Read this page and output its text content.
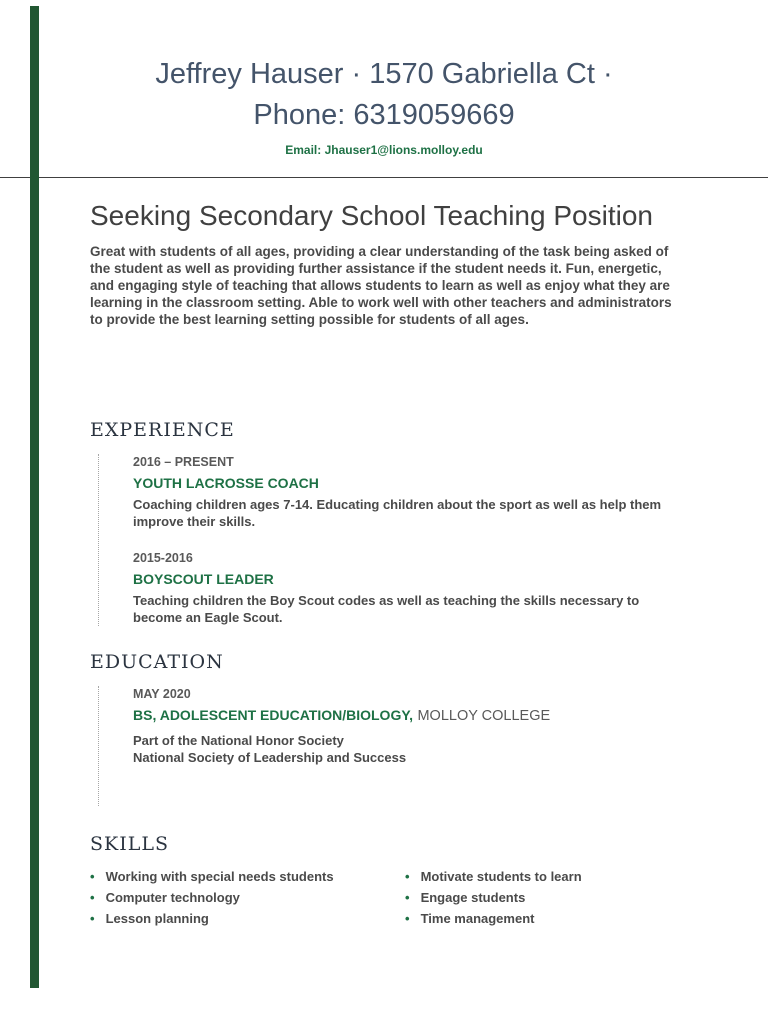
Jeffrey Hauser · 1570 Gabriella Ct ·
Phone: 6319059669
Email: Jhauser1@lions.molloy.edu
Seeking Secondary School Teaching Position

Great with students of all ages, providing a clear understanding of the task being asked of the student as well as providing further assistance if the student needs it. Fun, energetic, and engaging style of teaching that allows students to learn as well as enjoy what they are learning in the classroom setting. Able to work well with other teachers and administrators to provide the best learning setting possible for students of all ages.

EXPERIENCE
2016 – PRESENT
YOUTH LACROSSE COACH
Coaching children ages 7-14. Educating children about the sport as well as help them improve their skills.
2015-2016
BOYSCOUT LEADER
Teaching children the Boy Scout codes as well as teaching the skills necessary to become an Eagle Scout.
EDUCATION
MAY 2020
BS, ADOLESCENT EDUCATION/BIOLOGY, MOLLOY COLLEGE
Part of the National Honor Society
National Society of Leadership and Success
SKILLS
• Working with special needs students
• Computer technology
• Lesson planning
• Motivate students to learn
• Engage students
• Time management
